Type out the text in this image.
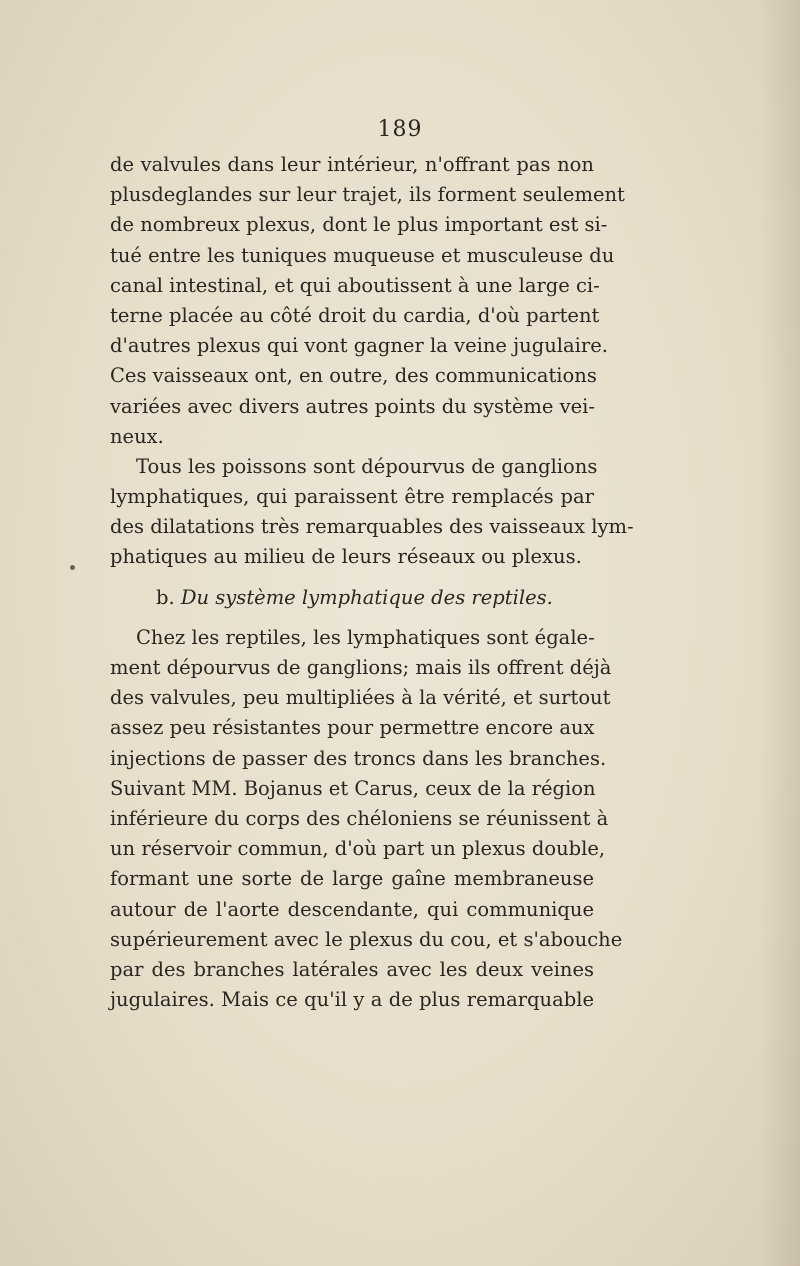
189
de valvules dans leur intérieur, n'offrant pas non
plusdeglandes sur leur trajet, ils forment seulement
de nombreux plexus, dont le plus important est si-
tué entre les tuniques muqueuse et musculeuse du
canal intestinal, et qui aboutissent à une large ci-
terne placée au côté droit du cardia, d'où partent
d'autres plexus qui vont gagner la veine jugulaire.
Ces vaisseaux ont, en outre, des communications
variées avec divers autres points du système vei-
neux.
Tous les poissons sont dépourvus de ganglions
lymphatiques, qui paraissent être remplacés par
des dilatations très remarquables des vaisseaux lym-
phatiques au milieu de leurs réseaux ou plexus.
b. Du système lymphatique des reptiles.
Chez les reptiles, les lymphatiques sont égale-
ment dépourvus de ganglions; mais ils offrent déjà
des valvules, peu multipliées à la vérité, et surtout
assez peu résistantes pour permettre encore aux
injections de passer des troncs dans les branches.
Suivant MM. Bojanus et Carus, ceux de la région
inférieure du corps des chéloniens se réunissent à
un réservoir commun, d'où part un plexus double,
formant une sorte de large gaîne membraneuse
autour de l'aorte descendante, qui communique
supérieurement avec le plexus du cou, et s'abouche
par des branches latérales avec les deux veines
jugulaires. Mais ce qu'il y a de plus remarquable
